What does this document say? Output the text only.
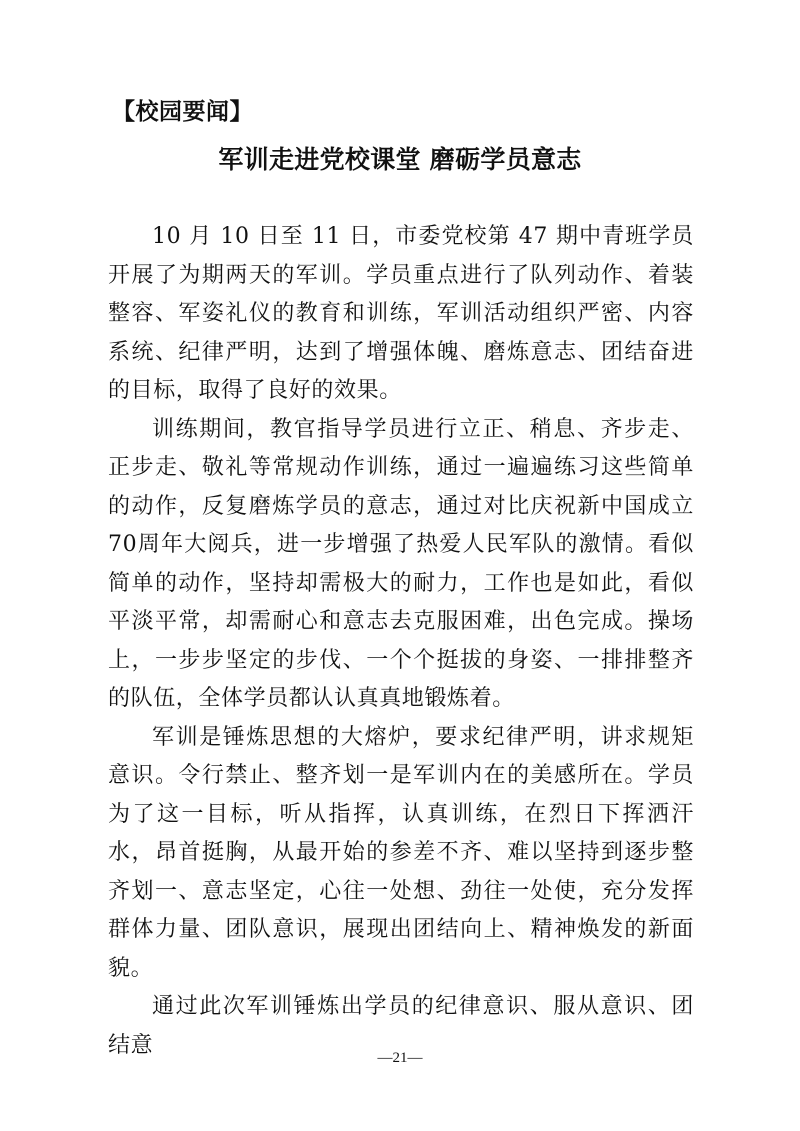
【校园要闻】
军训走进党校课堂 磨砺学员意志

10 月 10 日至 11 日，市委党校第 47 期中青班学员开展了为期两天的军训。学员重点进行了队列动作、着装整容、军姿礼仪的教育和训练，军训活动组织严密、内容系统、纪律严明，达到了增强体魄、磨炼意志、团结奋进的目标，取得了良好的效果。

训练期间，教官指导学员进行立正、稍息、齐步走、正步走、敬礼等常规动作训练，通过一遍遍练习这些简单的动作，反复磨炼学员的意志，通过对比庆祝新中国成立70周年大阅兵，进一步增强了热爱人民军队的激情。看似简单的动作，坚持却需极大的耐力，工作也是如此，看似平淡平常，却需耐心和意志去克服困难，出色完成。操场上，一步步坚定的步伐、一个个挺拔的身姿、一排排整齐的队伍，全体学员都认认真真地锻炼着。

军训是锤炼思想的大熔炉，要求纪律严明，讲求规矩意识。令行禁止、整齐划一是军训内在的美感所在。学员为了这一目标，听从指挥，认真训练，在烈日下挥洒汗水，昂首挺胸，从最开始的参差不齐、难以坚持到逐步整齐划一、意志坚定，心往一处想、劲往一处使，充分发挥群体力量、团队意识，展现出团结向上、精神焕发的新面貌。

通过此次军训锤炼出学员的纪律意识、服从意识、团结意

—21—
